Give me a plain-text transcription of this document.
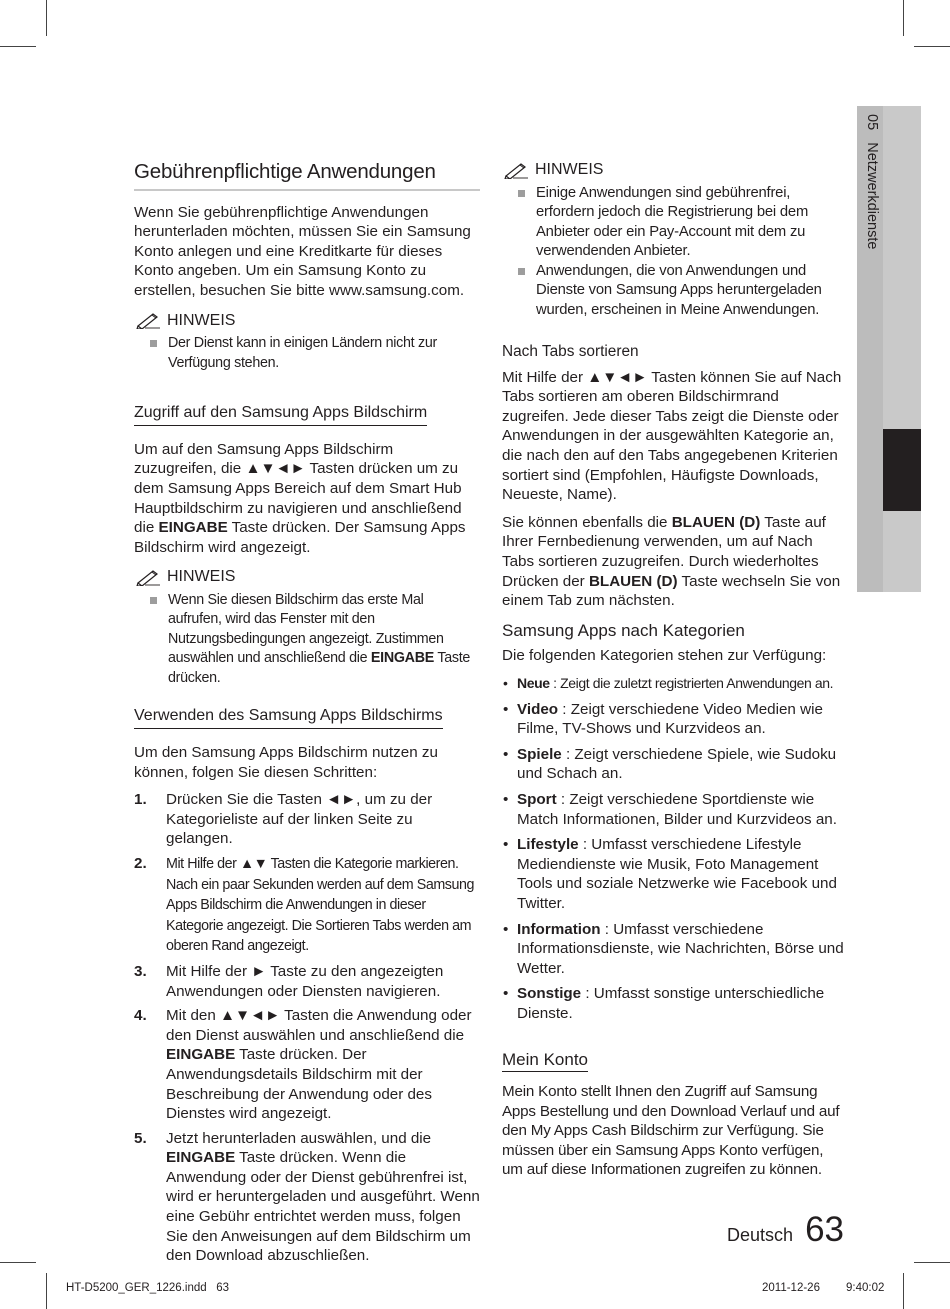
Gebührenpflichtige Anwendungen

Wenn Sie gebührenpflichtige Anwendungen herunterladen möchten, müssen Sie ein Samsung Konto anlegen und eine Kreditkarte für dieses Konto angeben. Um ein Samsung Konto zu erstellen, besuchen Sie bitte www.samsung.com.

HINWEIS
Der Dienst kann in einigen Ländern nicht zur Verfügung stehen.
Zugriff auf den Samsung Apps Bildschirm

Um auf den Samsung Apps Bildschirm zuzugreifen, die ▲▼◄► Tasten drücken um zu dem Samsung Apps Bereich auf dem Smart Hub Hauptbildschirm zu navigieren und anschließend die EINGABE Taste drücken. Der Samsung Apps Bildschirm wird angezeigt.

HINWEIS
Wenn Sie diesen Bildschirm das erste Mal aufrufen, wird das Fenster mit den Nutzungsbedingungen angezeigt. Zustimmen auswählen und anschließend die EINGABE Taste drücken.
Verwenden des Samsung Apps Bildschirms

Um den Samsung Apps Bildschirm nutzen zu können, folgen Sie diesen Schritten:

1. Drücken Sie die Tasten ◄►, um zu der Kategorieliste auf der linken Seite zu gelangen.
2. Mit Hilfe der ▲▼ Tasten die Kategorie markieren. Nach ein paar Sekunden werden auf dem Samsung Apps Bildschirm die Anwendungen in dieser Kategorie angezeigt. Die Sortieren Tabs werden am oberen Rand angezeigt.
3. Mit Hilfe der ► Taste zu den angezeigten Anwendungen oder Diensten navigieren.
4. Mit den ▲▼◄► Tasten die Anwendung oder den Dienst auswählen und anschließend die EINGABE Taste drücken. Der Anwendungsdetails Bildschirm mit der Beschreibung der Anwendung oder des Dienstes wird angezeigt.
5. Jetzt herunterladen auswählen, und die EINGABE Taste drücken. Wenn die Anwendung oder der Dienst gebührenfrei ist, wird er heruntergeladen und ausgeführt. Wenn eine Gebühr entrichtet werden muss, folgen Sie den Anweisungen auf dem Bildschirm um den Download abzuschließen.
HINWEIS
Einige Anwendungen sind gebührenfrei, erfordern jedoch die Registrierung bei dem Anbieter oder ein Pay-Account mit dem zu verwendenden Anbieter.
Anwendungen, die von Anwendungen und Dienste von Samsung Apps heruntergeladen wurden, erscheinen in Meine Anwendungen.
Nach Tabs sortieren

Mit Hilfe der ▲▼◄► Tasten können Sie auf Nach Tabs sortieren am oberen Bildschirmrand zugreifen. Jede dieser Tabs zeigt die Dienste oder Anwendungen in der ausgewählten Kategorie an, die nach den auf den Tabs angegebenen Kriterien sortiert sind (Empfohlen, Häufigste Downloads, Neueste, Name).

Sie können ebenfalls die BLAUEN (D) Taste auf Ihrer Fernbedienung verwenden, um auf Nach Tabs sortieren zuzugreifen. Durch wiederholtes Drücken der BLAUEN (D) Taste wechseln Sie von einem Tab zum nächsten.

Samsung Apps nach Kategorien

Die folgenden Kategorien stehen zur Verfügung:

• Neue : Zeigt die zuletzt registrierten Anwendungen an.
• Video : Zeigt verschiedene Video Medien wie Filme, TV-Shows und Kurzvideos an.
• Spiele : Zeigt verschiedene Spiele, wie Sudoku und Schach an.
• Sport : Zeigt verschiedene Sportdienste wie Match Informationen, Bilder und Kurzvideos an.
• Lifestyle : Umfasst verschiedene Lifestyle Mediendienste wie Musik, Foto Management Tools und soziale Netzwerke wie Facebook und Twitter.
• Information : Umfasst verschiedene Informationsdienste, wie Nachrichten, Börse und Wetter.
• Sonstige : Umfasst sonstige unterschiedliche Dienste.
Mein Konto

Mein Konto stellt Ihnen den Zugriff auf Samsung Apps Bestellung und den Download Verlauf und auf den My Apps Cash Bildschirm zur Verfügung. Sie müssen über ein Samsung Apps Konto verfügen, um auf diese Informationen zugreifen zu können.

05   Netzwerkdienste
Deutsch 63
HT-D5200_GER_1226.indd   63	2011-12-26 9:40:02
